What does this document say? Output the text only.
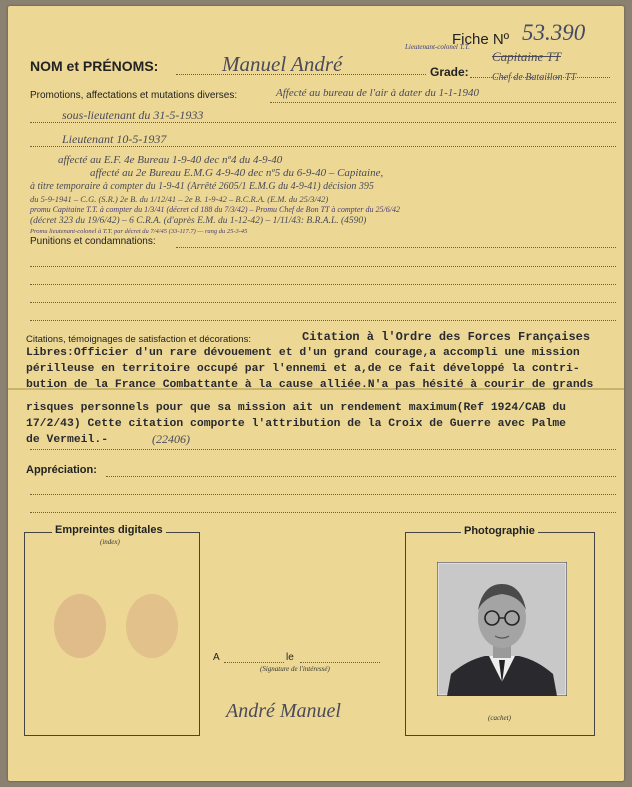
NOM et PRÉNOMS:	Manuel André
Fiche Nº 53.390
Lieutenant-colonel T.T.
Grade:
Capitaine TT
Chef de Bataillon TT
Promotions, affectations et mutations diverses:	Affecté au bureau de l'air à dater du 1-1-1940
sous-lieutenant du 31-5-1933
Lieutenant 10-5-1937
affecté au E.F. 4e Bureau 1-9-40 dec nº4 du 4-9-40
affecté au 2e Bureau E.M.G 4-9-40 dec nº5 du 6-9-40 – Capitaine,
à titre temporaire à compter du 1-9-41 (Arrêté 2605/1 E.M.G du 4-9-41) décision 395
du 5-9-1941 – C.G. (S.R.) 2e B. du 1/12/41 – 2e B. 1-9-42 – B.C.R.A. (E.M. du 25/3/42)
promu Capitaine T.T. à compter du 1/3/41 (décret cd 188 du 7/3/42) – Promu Chef de Bon TT à compter du 25/6/42
(décret 323 du 19/6/42) – 6 C.R.A. (d'après E.M. du 1-12-42) – 1/11/43: B.R.A.L. (4590)
Promu lieutenant-colonel à T.T. par décret du 7/4/45 (33-117.7) — rang du 25-3-45
Punitions et condamnations:
Citations, témoignages de satisfaction et décorations:	Citation à l'Ordre des Forces Françaises
Libres:Officier d'un rare dévouement et d'un grand courage,a accompli une mission
périlleuse en territoire occupé par l'ennemi et a,de ce fait développé la contri-
bution de la France Combattante à la cause alliée.N'a pas hésité à courir de grands
risques personnels pour que sa mission ait un rendement maximum(Ref 1924/CAB du
17/2/43) Cette citation comporte l'attribution de la Croix de Guerre avec Palme
de Vermeil.-	(22406)
Appréciation:
Empreintes digitales
(index)
A	le
(Signature de l'intéressé)
André Manuel
Photographie
(cachet)
